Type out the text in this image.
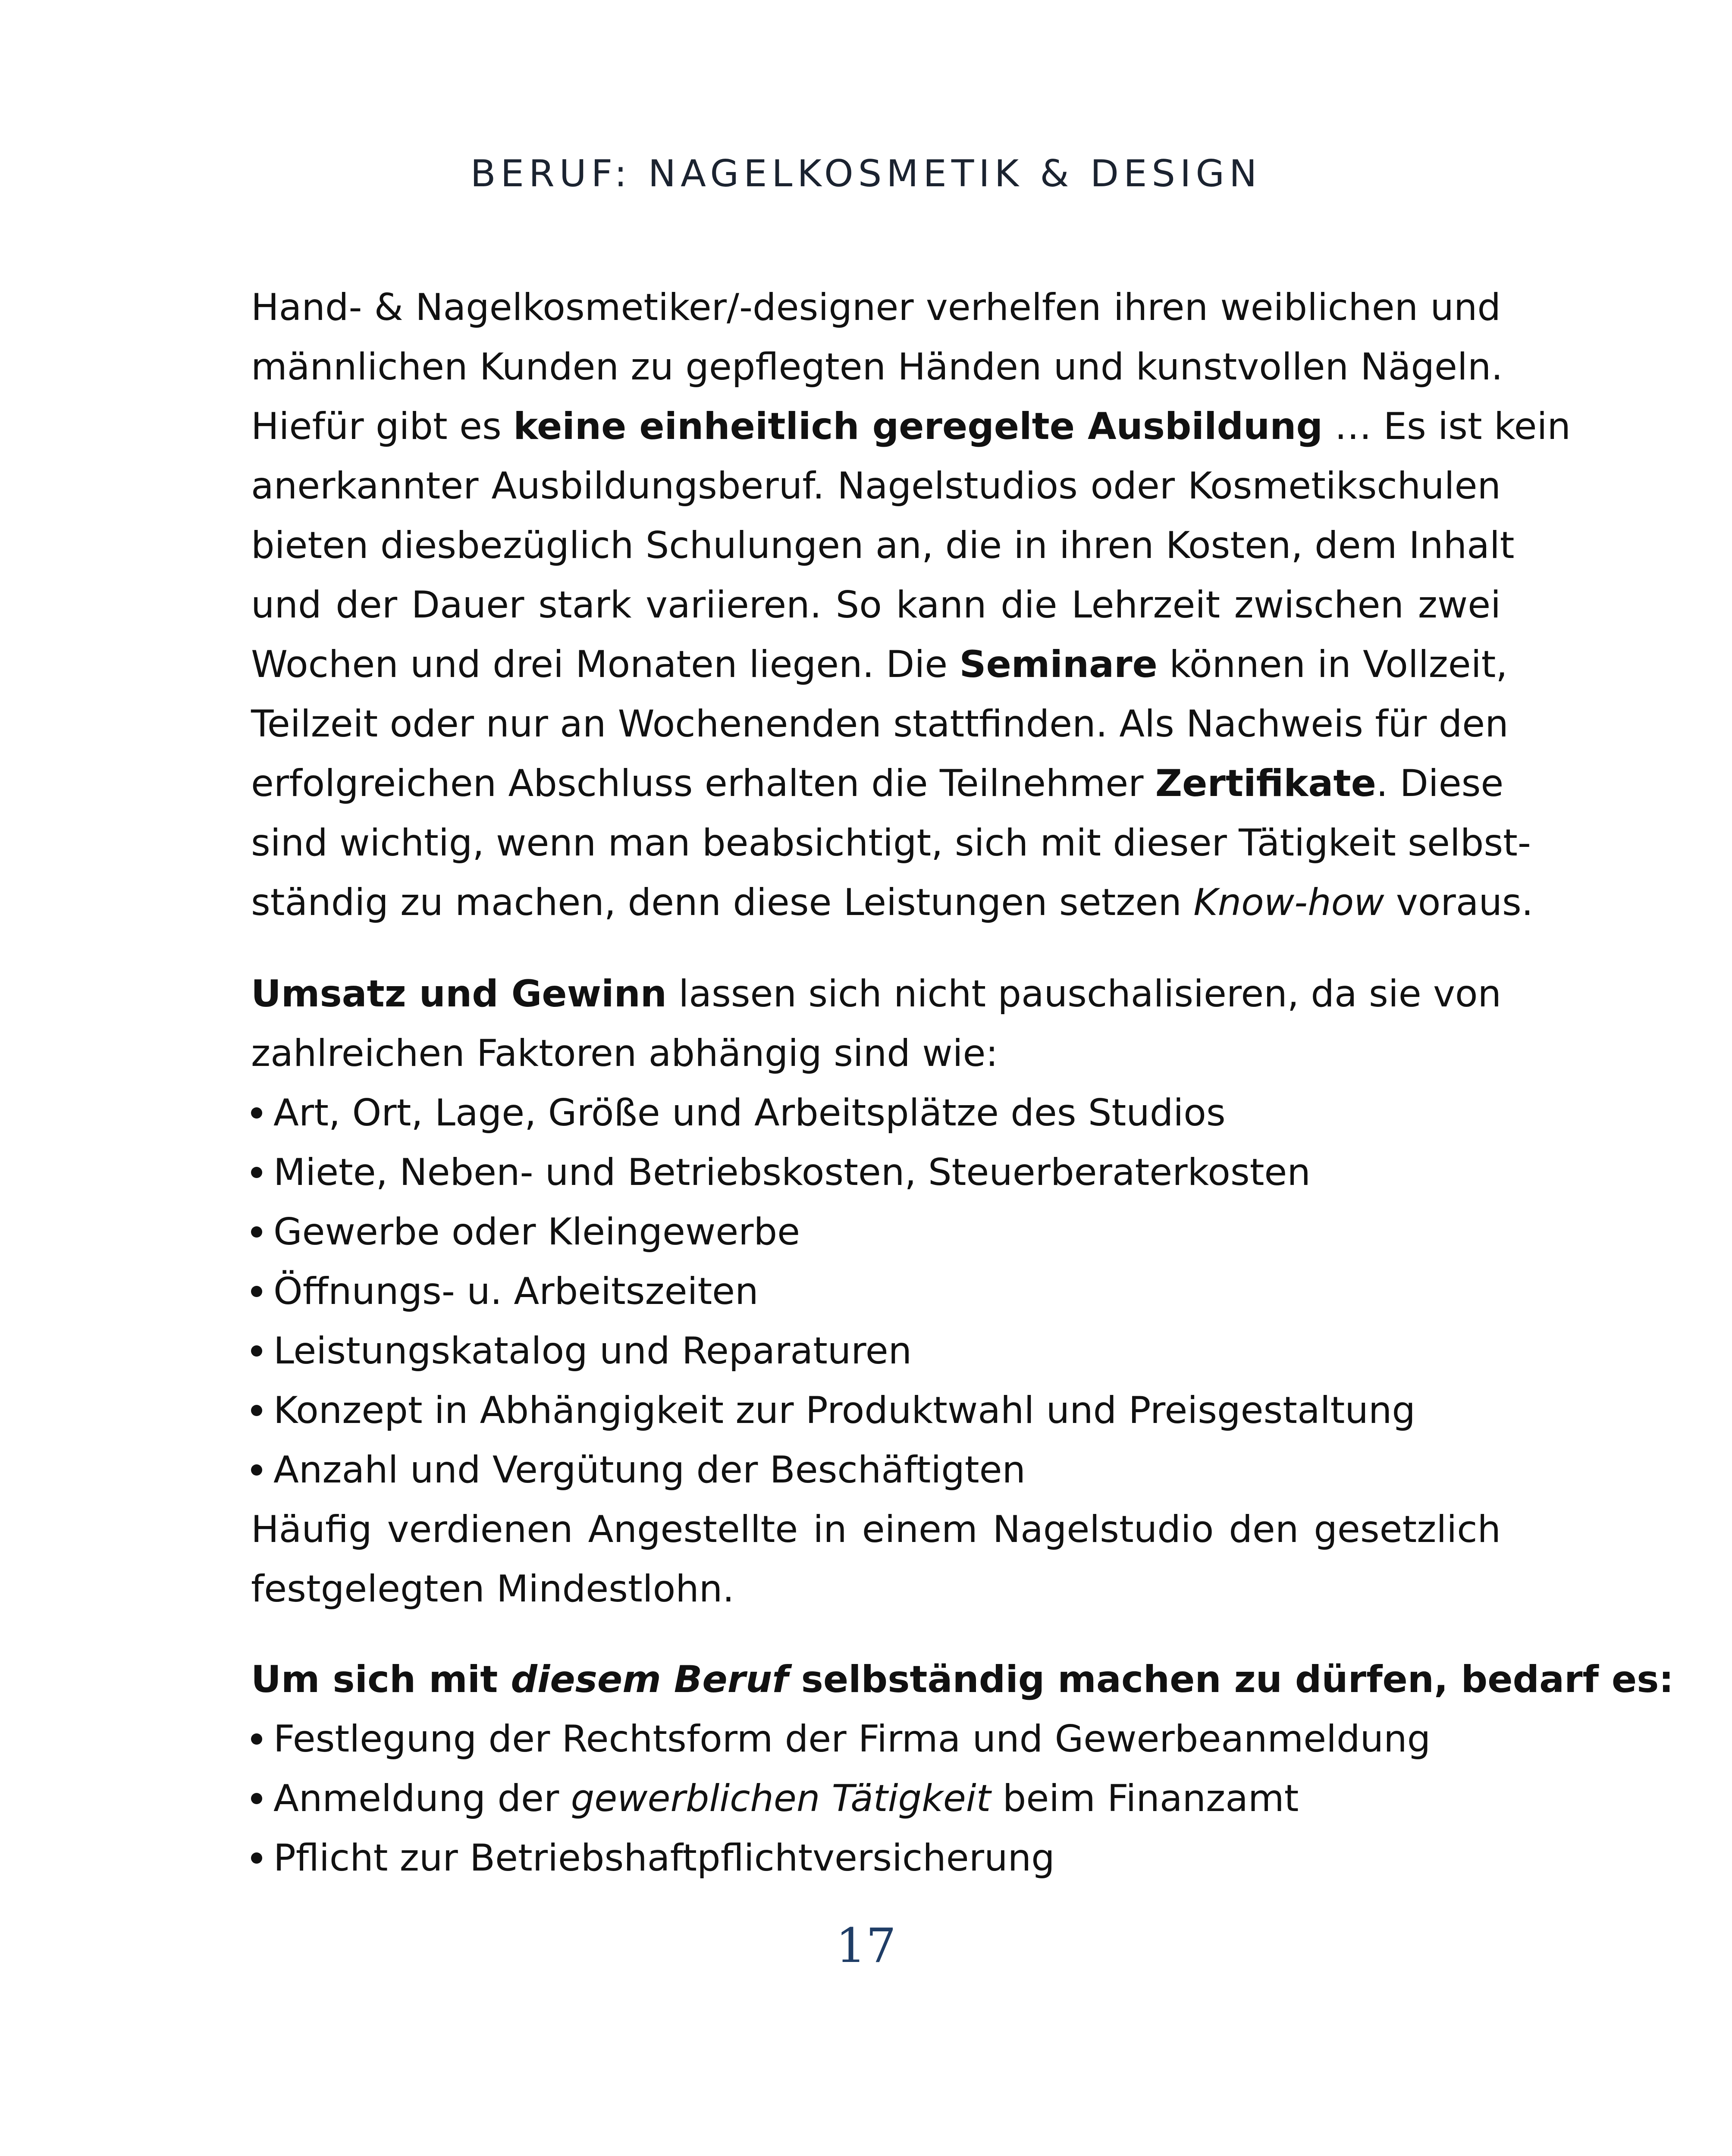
BERUF: NAGELKOSMETIK & DESIGN
Hand- & Nagelkosmetiker/-designer verhelfen ihren weiblichen und
männlichen Kunden zu gepflegten Händen und kunstvollen Nägeln.
Hiefür gibt es keine einheitlich geregelte Ausbildung … Es ist kein
anerkannter Ausbildungsberuf. Nagelstudios oder Kosmetikschulen
bieten diesbezüglich Schulungen an, die in ihren Kosten, dem Inhalt
und der Dauer stark variieren. So kann die Lehrzeit zwischen zwei
Wochen und drei Monaten liegen. Die Seminare können in Vollzeit,
Teilzeit oder nur an Wochenenden stattfinden. Als Nachweis für den
erfolgreichen Abschluss erhalten die Teilnehmer Zertifikate. Diese
sind wichtig, wenn man beabsichtigt, sich mit dieser Tätigkeit selbst-
ständig zu machen, denn diese Leistungen setzen Know-how voraus.
Umsatz und Gewinn lassen sich nicht pauschalisieren, da sie von
zahlreichen Faktoren abhängig sind wie:
Art, Ort, Lage, Größe und Arbeitsplätze des Studios
Miete, Neben- und Betriebskosten, Steuerberaterkosten
Gewerbe oder Kleingewerbe
Öffnungs- u. Arbeitszeiten
Leistungskatalog und Reparaturen
Konzept in Abhängigkeit zur Produktwahl und Preisgestaltung
Anzahl und Vergütung der Beschäftigten
Häufig verdienen Angestellte in einem Nagelstudio den gesetzlich
festgelegten Mindestlohn.
Um sich mit diesem Beruf selbständig machen zu dürfen, bedarf es:
Festlegung der Rechtsform der Firma und Gewerbeanmeldung
Anmeldung der gewerblichen Tätigkeit beim Finanzamt
Pflicht zur Betriebshaftpflichtversicherung
17
